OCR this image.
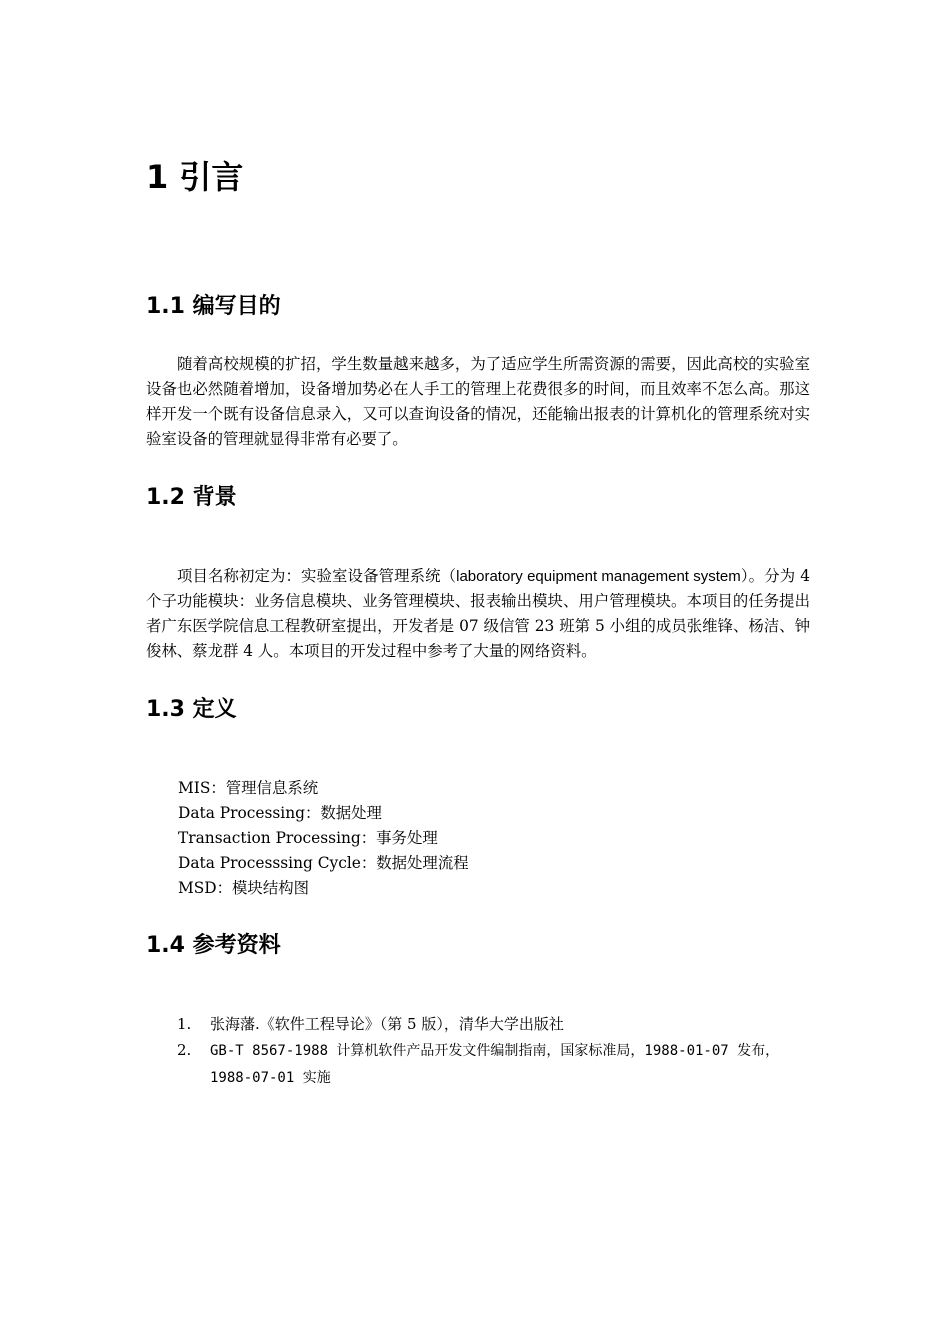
1 引言
1.1 编写目的

随着高校规模的扩招，学生数量越来越多，为了适应学生所需资源的需要，因此高校的实验室设备也必然随着增加，设备增加势必在人手工的管理上花费很多的时间，而且效率不怎么高。那这样开发一个既有设备信息录入，又可以查询设备的情况，还能输出报表的计算机化的管理系统对实验室设备的管理就显得非常有必要了。

1.2 背景

项目名称初定为：实验室设备管理系统（laboratory equipment management system）。分为 4 个子功能模块：业务信息模块、业务管理模块、报表输出模块、用户管理模块。本项目的任务提出者广东医学院信息工程教研室提出，开发者是 07 级信管 23 班第 5 小组的成员张维锋、杨洁、钟俊林、蔡龙群 4 人。本项目的开发过程中参考了大量的网络资料。

1.3 定义
MIS：管理信息系统
Data Processing：数据处理
Transaction Processing：事务处理
Data Processsing Cycle：数据处理流程
MSD：模块结构图
1.4 参考资料
1. 张海藩.《软件工程导论》（第 5 版），清华大学出版社
2. GB-T 8567-1988 计算机软件产品开发文件编制指南，国家标准局，1988-01-07 发布，1988-07-01 实施
